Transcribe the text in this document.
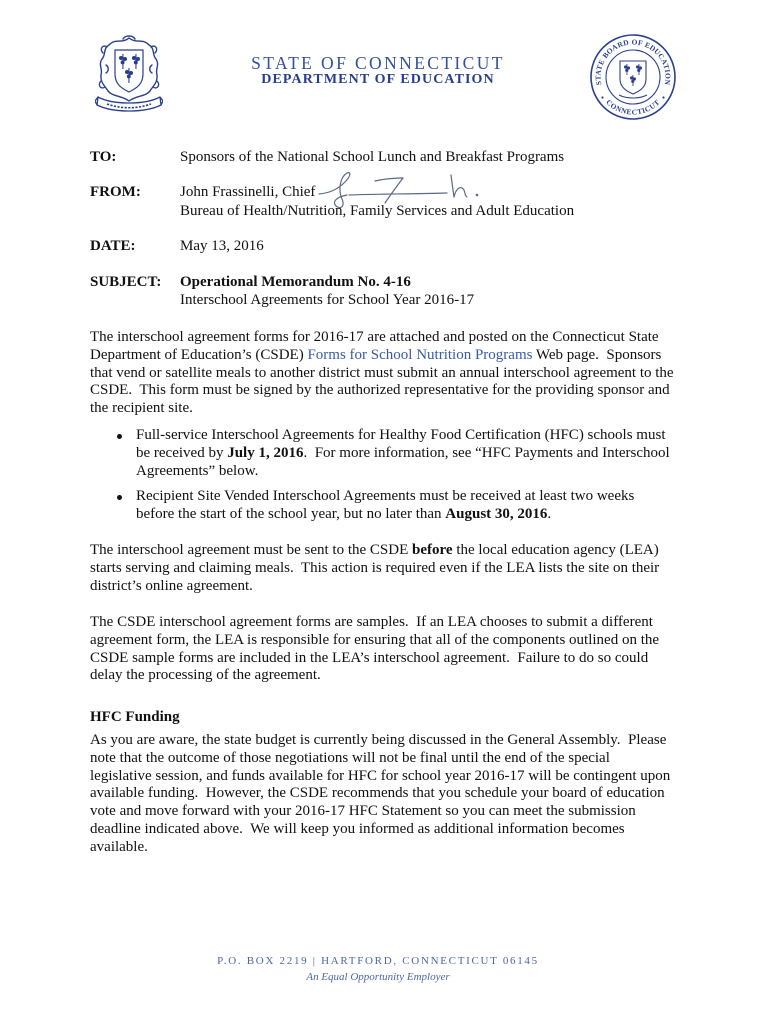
STATE OF CONNECTICUT
DEPARTMENT OF EDUCATION	STATE BOARD OF EDUCATION
CONNECTICUT
TO:	Sponsors of the National School Lunch and Breakfast Programs
FROM:	John Frassinelli, Chief
Bureau of Health/Nutrition, Family Services and Adult Education
DATE:	May 13, 2016
SUBJECT: Operational Memorandum No. 4-16
Interschool Agreements for School Year 2016-17
The interschool agreement forms for 2016-17 are attached and posted on the Connecticut State
Department of Education’s (CSDE) Forms for School Nutrition Programs Web page.  Sponsors
that vend or satellite meals to another district must submit an annual interschool agreement to the
CSDE.  This form must be signed by the authorized representative for the providing sponsor and
the recipient site.
Full-service Interschool Agreements for Healthy Food Certification (HFC) schools must
be received by July 1, 2016.  For more information, see “HFC Payments and Interschool
Agreements” below.
Recipient Site Vended Interschool Agreements must be received at least two weeks
before the start of the school year, but no later than August 30, 2016.
The interschool agreement must be sent to the CSDE before the local education agency (LEA)
starts serving and claiming meals.  This action is required even if the LEA lists the site on their
district’s online agreement.
The CSDE interschool agreement forms are samples.  If an LEA chooses to submit a different
agreement form, the LEA is responsible for ensuring that all of the components outlined on the
CSDE sample forms are included in the LEA’s interschool agreement.  Failure to do so could
delay the processing of the agreement.
HFC Funding
As you are aware, the state budget is currently being discussed in the General Assembly.  Please
note that the outcome of those negotiations will not be final until the end of the special
legislative session, and funds available for HFC for school year 2016-17 will be contingent upon
available funding.  However, the CSDE recommends that you schedule your board of education
vote and move forward with your 2016-17 HFC Statement so you can meet the submission
deadline indicated above.  We will keep you informed as additional information becomes
available.
P.O. BOX 2219 | HARTFORD, CONNECTICUT 06145
An Equal Opportunity Employer
